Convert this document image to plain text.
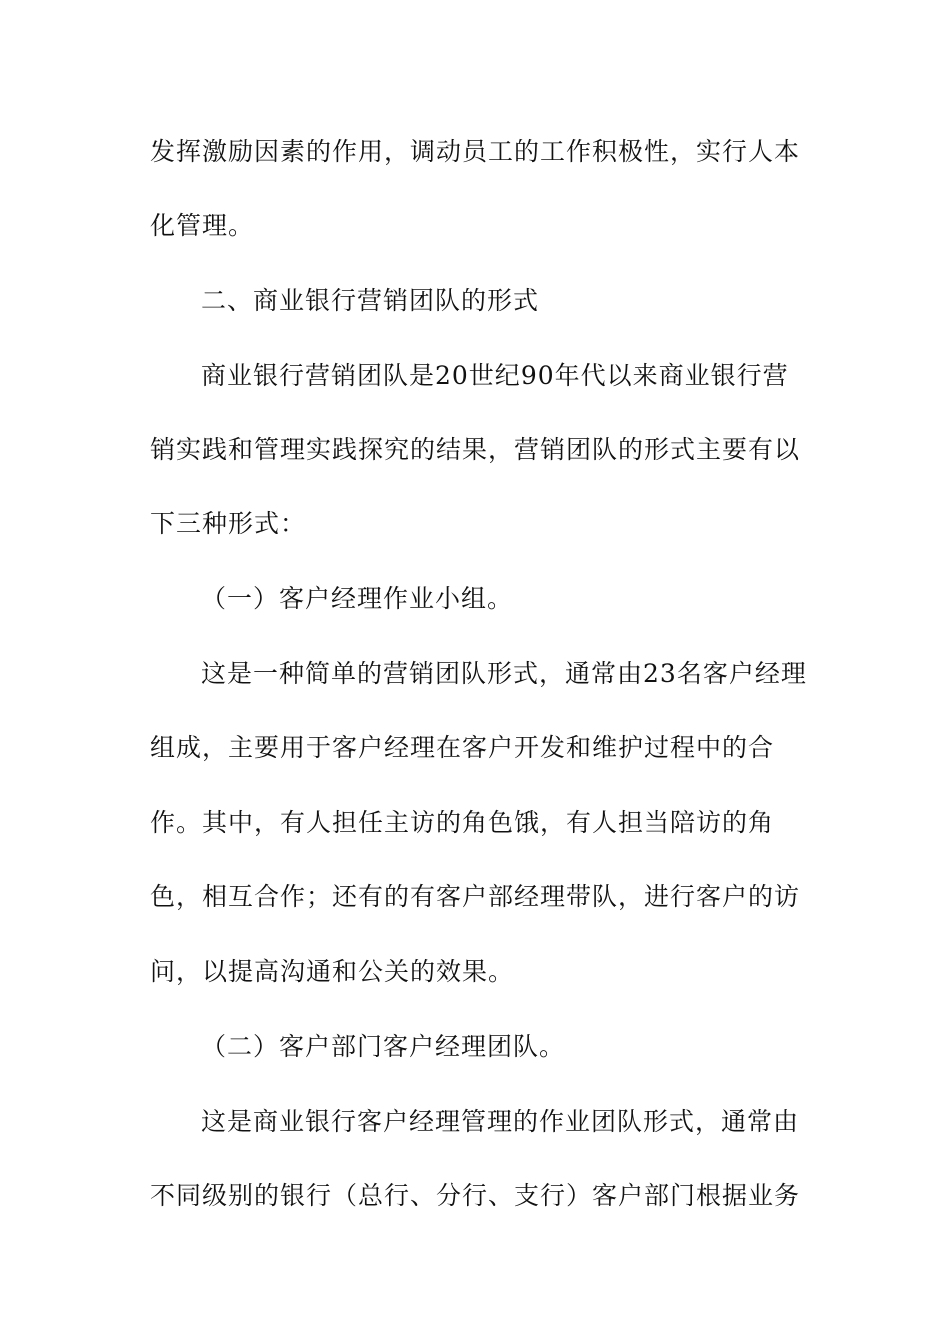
发挥激励因素的作用，调动员工的工作积极性，实行人本
化管理。
二、商业银行营销团队的形式
商业银行营销团队是20世纪90年代以来商业银行营
销实践和管理实践探究的结果，营销团队的形式主要有以
下三种形式：
（一）客户经理作业小组。
这是一种简单的营销团队形式，通常由23名客户经理
组成，主要用于客户经理在客户开发和维护过程中的合
作。其中，有人担任主访的角色饿，有人担当陪访的角
色，相互合作；还有的有客户部经理带队，进行客户的访
问，以提高沟通和公关的效果。
（二）客户部门客户经理团队。
这是商业银行客户经理管理的作业团队形式，通常由
不同级别的银行（总行、分行、支行）客户部门根据业务
